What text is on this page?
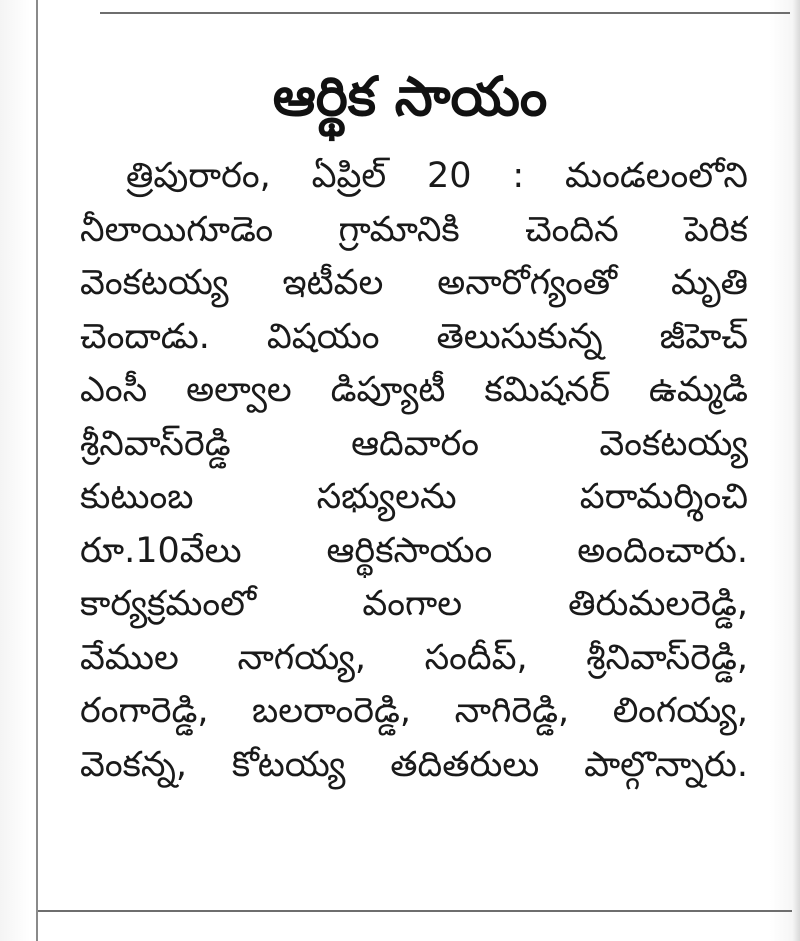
ఆర్థిక సాయం
త్రిపురారం, ఏప్రిల్ 20 : మండలంలోని
నీలాయిగూడెం గ్రామానికి చెందిన పెరిక
వెంకటయ్య ఇటీవల అనారోగ్యంతో మృతి
చెందాడు. విషయం తెలుసుకున్న జీహెచ్
ఎంసీ అల్వాల డిప్యూటీ కమిషనర్ ఉమ్మడి
శ్రీనివాస్‌రెడ్డి ఆదివారం వెంకటయ్య
కుటుంబ సభ్యులను పరామర్శించి
రూ.10వేలు ఆర్థికసాయం అందించారు.
కార్యక్రమంలో వంగాల తిరుమలరెడ్డి,
వేముల నాగయ్య, సందీప్, శ్రీనివాస్‌రెడ్డి,
రంగారెడ్డి, బలరాంరెడ్డి, నాగిరెడ్డి, లింగయ్య,
వెంకన్న, కోటయ్య తదితరులు పాల్గొన్నారు.
